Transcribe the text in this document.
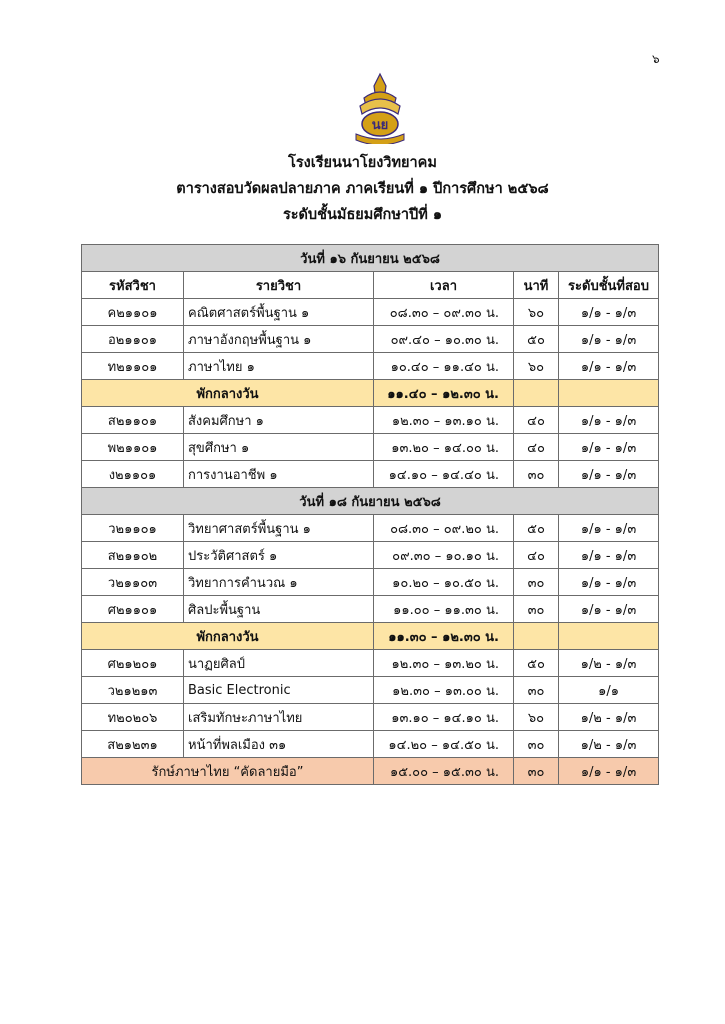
๖
นย
โรงเรียนนาโยงวิทยาคม
ตารางสอบวัดผลปลายภาค ภาคเรียนที่ ๑ ปีการศึกษา ๒๕๖๘
ระดับชั้นมัธยมศึกษาปีที่ ๑
วันที่ ๑๖ กันยายน ๒๕๖๘				
รหัสวิชา	รายวิชา	เวลา	นาที	ระดับชั้นที่สอบ
ค๒๑๑๐๑	คณิตศาสตร์พื้นฐาน ๑	๐๘.๓๐ – ๐๙.๓๐ น.	๖๐	๑/๑ - ๑/๓
อ๒๑๑๐๑	ภาษาอังกฤษพื้นฐาน ๑	๐๙.๔๐ – ๑๐.๓๐ น.	๕๐	๑/๑ - ๑/๓
ท๒๑๑๐๑	ภาษาไทย ๑	๑๐.๔๐ – ๑๑.๔๐ น.	๖๐	๑/๑ - ๑/๓
พักกลางวัน		๑๑.๔๐ – ๑๒.๓๐ น.		
ส๒๑๑๐๑	สังคมศึกษา ๑	๑๒.๓๐ – ๑๓.๑๐ น.	๔๐	๑/๑ - ๑/๓
พ๒๑๑๐๑	สุขศึกษา ๑	๑๓.๒๐ – ๑๔.๐๐ น.	๔๐	๑/๑ - ๑/๓
ง๒๑๑๐๑	การงานอาชีพ ๑	๑๔.๑๐ – ๑๔.๔๐ น.	๓๐	๑/๑ - ๑/๓
วันที่ ๑๘ กันยายน ๒๕๖๘				
ว๒๑๑๐๑	วิทยาศาสตร์พื้นฐาน ๑	๐๘.๓๐ – ๐๙.๒๐ น.	๕๐	๑/๑ - ๑/๓
ส๒๑๑๐๒	ประวัติศาสตร์ ๑	๐๙.๓๐ – ๑๐.๑๐ น.	๔๐	๑/๑ - ๑/๓
ว๒๑๑๐๓	วิทยาการคำนวณ ๑	๑๐.๒๐ – ๑๐.๕๐ น.	๓๐	๑/๑ - ๑/๓
ศ๒๑๑๐๑	ศิลปะพื้นฐาน	๑๑.๐๐ – ๑๑.๓๐ น.	๓๐	๑/๑ - ๑/๓
พักกลางวัน		๑๑.๓๐ – ๑๒.๓๐ น.		
ศ๒๑๒๐๑	นาฏยศิลป์	๑๒.๓๐ – ๑๓.๒๐ น.	๕๐	๑/๒ - ๑/๓
ว๒๑๒๑๓	Basic Electronic	๑๒.๓๐ – ๑๓.๐๐ น.	๓๐	๑/๑
ท๒๐๒๐๖	เสริมทักษะภาษาไทย	๑๓.๑๐ – ๑๔.๑๐ น.	๖๐	๑/๒ - ๑/๓
ส๒๑๒๓๑	หน้าที่พลเมือง ๓๑	๑๔.๒๐ – ๑๔.๕๐ น.	๓๐	๑/๒ - ๑/๓
รักษ์ภาษาไทย “คัดลายมือ”		๑๕.๐๐ – ๑๕.๓๐ น.	๓๐	๑/๑ - ๑/๓
